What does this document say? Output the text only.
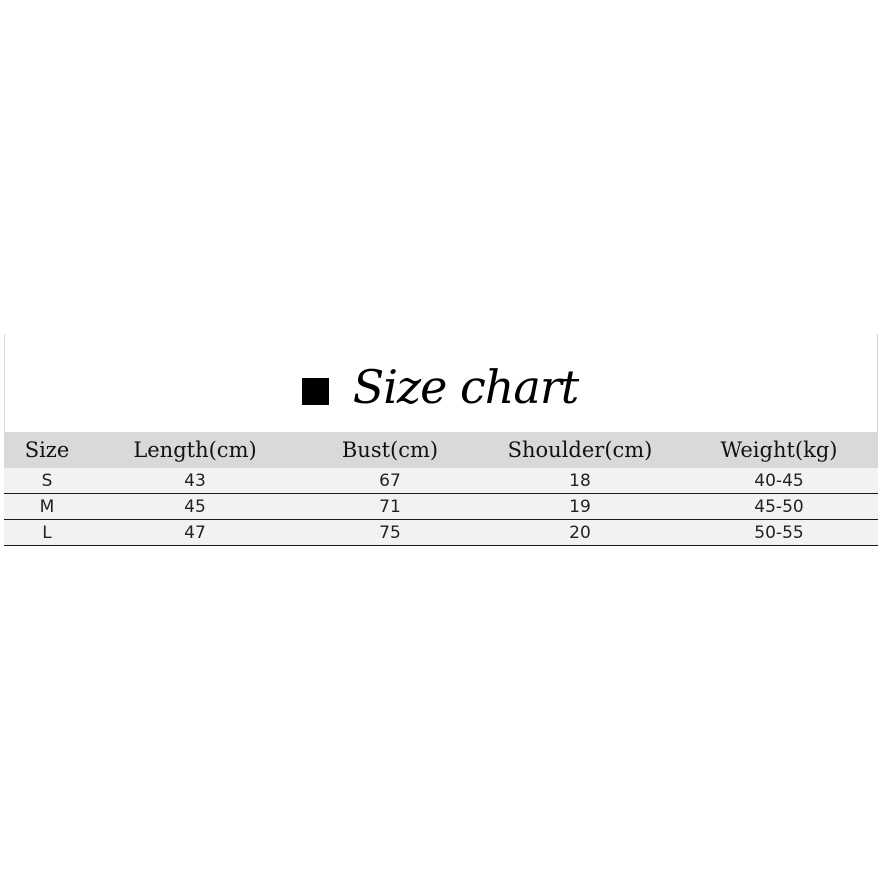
Size chart
Size	Length(cm)	Bust(cm)	Shoulder(cm)	Weight(kg)
S	43	67	18	40-45
M	45	71	19	45-50
L	47	75	20	50-55
